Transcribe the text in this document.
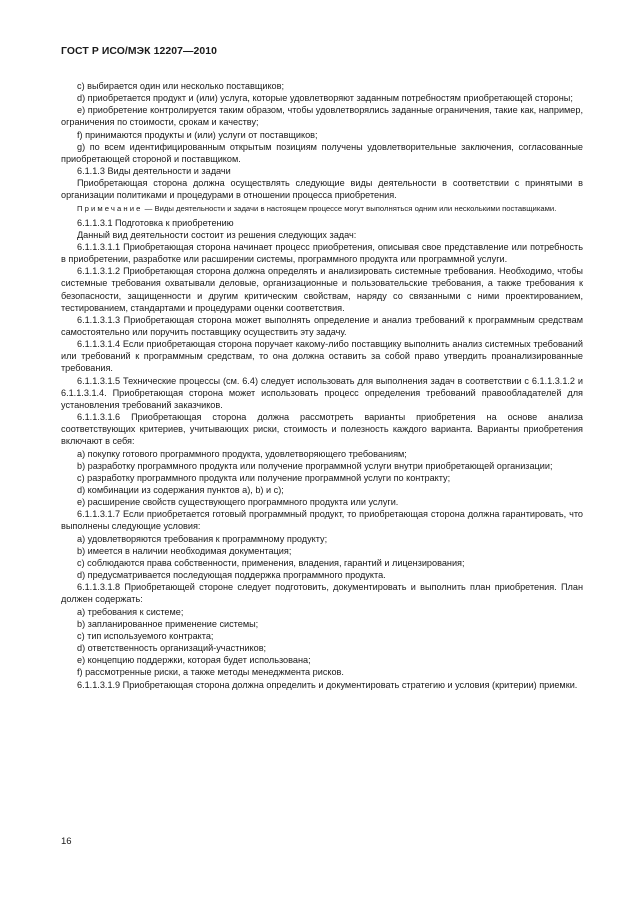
ГОСТ Р ИСО/МЭК 12207—2010

с) выбирается один или несколько поставщиков;

d) приобретается продукт и (или) услуга, которые удовлетворяют заданным потребностям приобретающей стороны;

е) приобретение контролируется таким образом, чтобы удовлетворялись заданные ограничения, такие как, например, ограничения по стоимости, срокам и качеству;

f) принимаются продукты и (или) услуги от поставщиков;

g) по всем идентифицированным открытым позициям получены удовлетворительные заключения, согласованные приобретающей стороной и поставщиком.

6.1.1.3 Виды деятельности и задачи

Приобретающая сторона должна осуществлять следующие виды деятельности в соответствии с принятыми в организации политиками и процедурами в отношении процесса приобретения.

Примечание — Виды деятельности и задачи в настоящем процессе могут выполняться одним или несколькими поставщиками.

6.1.1.3.1 Подготовка к приобретению

Данный вид деятельности состоит из решения следующих задач:

6.1.1.3.1.1 Приобретающая сторона начинает процесс приобретения, описывая свое представление или потребность в приобретении, разработке или расширении системы, программного продукта или программной услуги.

6.1.1.3.1.2 Приобретающая сторона должна определять и анализировать системные требования. Необходимо, чтобы системные требования охватывали деловые, организационные и пользовательские требования, а также требования к безопасности, защищенности и другим критическим свойствам, наряду со связанными с ними проектированием, тестированием, стандартами и процедурами оценки соответствия.

6.1.1.3.1.3 Приобретающая сторона может выполнять определение и анализ требований к программным средствам самостоятельно или поручить поставщику осуществить эту задачу.

6.1.1.3.1.4 Если приобретающая сторона поручает какому-либо поставщику выполнить анализ системных требований или требований к программным средствам, то она должна оставить за собой право утвердить проанализированные требования.

6.1.1.3.1.5 Технические процессы (см. 6.4) следует использовать для выполнения задач в соответствии с 6.1.1.3.1.2 и 6.1.1.3.1.4. Приобретающая сторона может использовать процесс определения требований правообладателей для установления требований заказчиков.

6.1.1.3.1.6 Приобретающая сторона должна рассмотреть варианты приобретения на основе анализа соответствующих критериев, учитывающих риски, стоимость и полезность каждого варианта. Варианты приобретения включают в себя:

а) покупку готового программного продукта, удовлетворяющего требованиям;

b) разработку программного продукта или получение программной услуги внутри приобретающей организации;

с) разработку программного продукта или получение программной услуги по контракту;

d) комбинации из содержания пунктов а), b) и с);

е) расширение свойств существующего программного продукта или услуги.

6.1.1.3.1.7 Если приобретается готовый программный продукт, то приобретающая сторона должна гарантировать, что выполнены следующие условия:

а) удовлетворяются требования к программному продукту;

b) имеется в наличии необходимая документация;

с) соблюдаются права собственности, применения, владения, гарантий и лицензирования;

d) предусматривается последующая поддержка программного продукта.

6.1.1.3.1.8 Приобретающей стороне следует подготовить, документировать и выполнить план приобретения. План должен содержать:

а) требования к системе;

b) запланированное применение системы;

с) тип используемого контракта;

d) ответственность организаций-участников;

е) концепцию поддержки, которая будет использована;

f) рассмотренные риски, а также методы менеджмента рисков.

6.1.1.3.1.9 Приобретающая сторона должна определить и документировать стратегию и условия (критерии) приемки.

16
